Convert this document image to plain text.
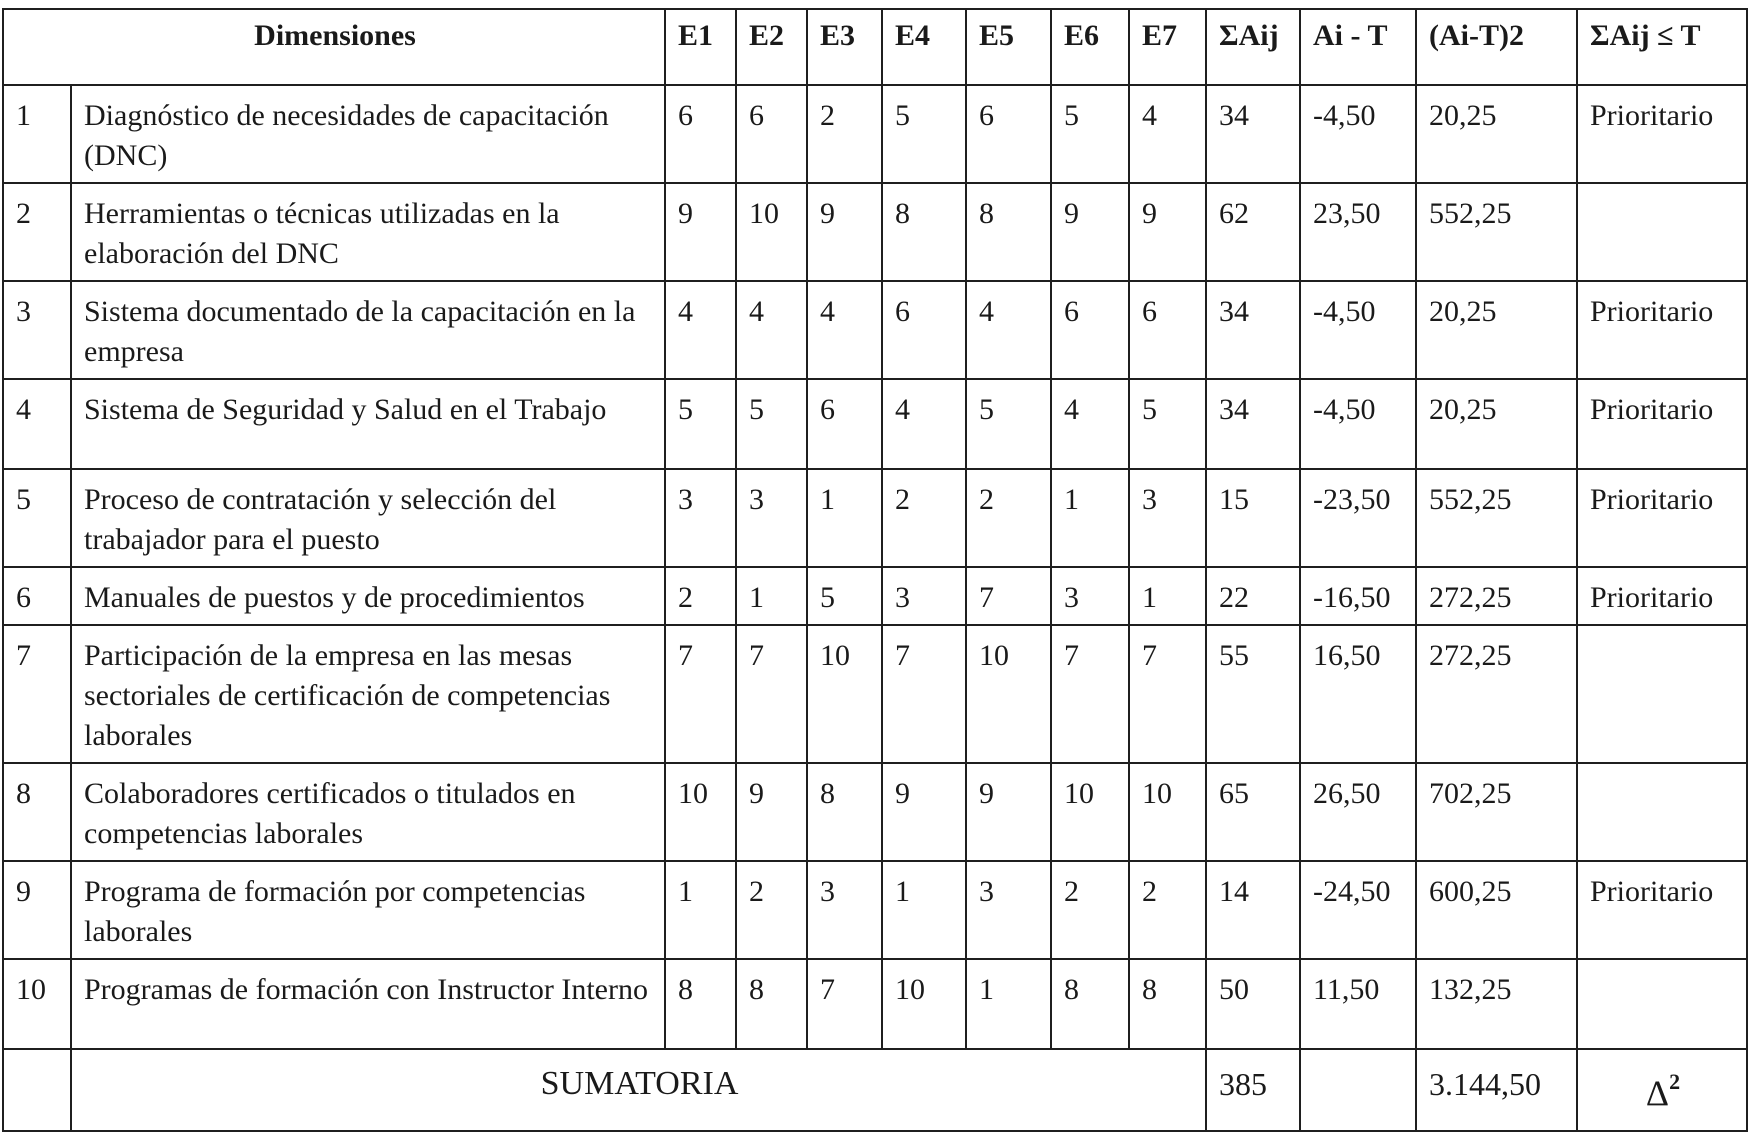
Dimensiones		E1	E2	E3	E4	E5	E6	E7	ΣAij	Ai - T	(Ai-T)2	ΣAij ≤ T
1	Diagnóstico de necesidades de capacitación (DNC)	6	6	2	5	6	5	4	34	-4,50	20,25	Prioritario
2	Herramientas o técnicas utilizadas en la elaboración del DNC	9	10	9	8	8	9	9	62	23,50	552,25	
3	Sistema documentado de la capacitación en la empresa	4	4	4	6	4	6	6	34	-4,50	20,25	Prioritario
4	Sistema de Seguridad y Salud en el Trabajo	5	5	6	4	5	4	5	34	-4,50	20,25	Prioritario
5	Proceso de contratación y selección del trabajador para el puesto	3	3	1	2	2	1	3	15	-23,50	552,25	Prioritario
6	Manuales de puestos y de procedimientos	2	1	5	3	7	3	1	22	-16,50	272,25	Prioritario
7	Participación de la empresa en las mesas sectoriales de certificación de competencias laborales	7	7	10	7	10	7	7	55	16,50	272,25	
8	Colaboradores certificados o titulados en competencias laborales	10	9	8	9	9	10	10	65	26,50	702,25	
9	Programa de formación por competencias laborales	1	2	3	1	3	2	2	14	-24,50	600,25	Prioritario
10	Programas de formación con Instructor Interno	8	8	7	10	1	8	8	50	11,50	132,25	
	SUMATORIA								385		3.144,50	$\Delta^2$
